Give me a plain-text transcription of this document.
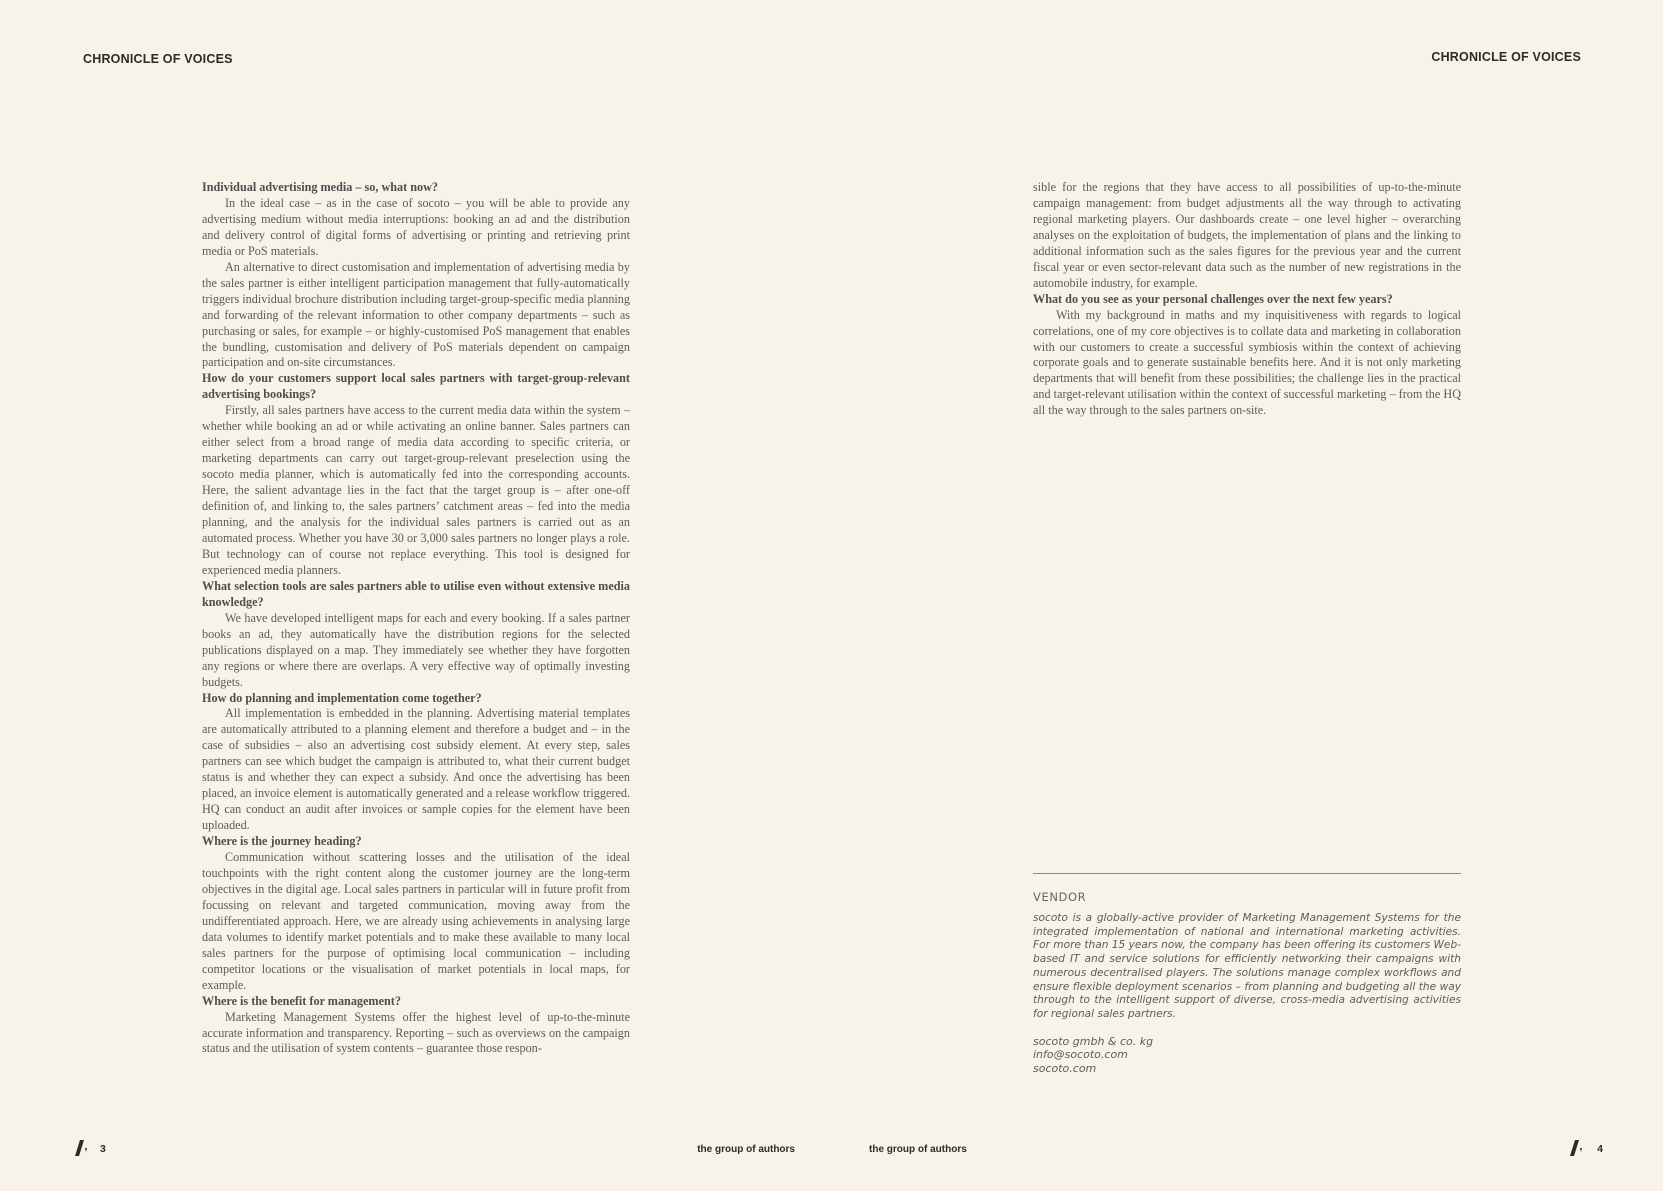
CHRONICLE OF VOICES
Individual advertising media – so, what now?

In the ideal case – as in the case of socoto – you will be able to provide any advertising medium without media interruptions: booking an ad and the distribution and delivery control of digital forms of advertising or printing and retrieving print media or PoS materials.

An alternative to direct customisation and implementation of advertising media by the sales partner is either intelligent participation management that fully-automatically triggers individual brochure distribution including target-group-specific media planning and forwarding of the relevant information to other company departments – such as purchasing or sales, for example – or highly-customised PoS management that enables the bundling, customisation and delivery of PoS materials dependent on campaign participation and on-site circumstances.

How do your customers support local sales partners with target-group-relevant advertising bookings?

Firstly, all sales partners have access to the current media data within the system – whether while booking an ad or while activating an online banner. Sales partners can either select from a broad range of media data according to specific criteria, or marketing departments can carry out target-group-relevant preselection using the socoto media planner, which is automatically fed into the corresponding accounts. Here, the salient advantage lies in the fact that the target group is – after one-off definition of, and linking to, the sales partners’ catchment areas – fed into the media planning, and the analysis for the individual sales partners is carried out as an automated process. Whether you have 30 or 3,000 sales partners no longer plays a role. But technology can of course not replace everything. This tool is designed for experienced media planners.

What selection tools are sales partners able to utilise even without extensive media knowledge?

We have developed intelligent maps for each and every booking. If a sales partner books an ad, they automatically have the distribution regions for the selected publications displayed on a map. They immediately see whether they have forgotten any regions or where there are overlaps. A very effective way of optimally investing budgets.

How do planning and implementation come together?

All implementation is embedded in the planning. Advertising material templates are automatically attributed to a planning element and therefore a budget and – in the case of subsidies – also an advertising cost subsidy element. At every step, sales partners can see which budget the campaign is attributed to, what their current budget status is and whether they can expect a subsidy. And once the advertising has been placed, an invoice element is automatically generated and a release workflow triggered. HQ can conduct an audit after invoices or sample copies for the element have been uploaded.

Where is the journey heading?

Communication without scattering losses and the utilisation of the ideal touchpoints with the right content along the customer journey are the long-term objectives in the digital age. Local sales partners in particular will in future profit from focussing on relevant and targeted communication, moving away from the undifferentiated approach. Here, we are already using achievements in analysing large data volumes to identify market potentials and to make these available to many local sales partners for the purpose of optimising local communication – including competitor locations or the visualisation of market potentials in local maps, for example.

Where is the benefit for management?

Marketing Management Systems offer the highest level of up-to-the-minute accurate information and transparency. Reporting – such as overviews on the campaign status and the utilisation of system contents – guarantee those respon-

3	the group of authors
CHRONICLE OF VOICES

sible for the regions that they have access to all possibilities of up-to-the-minute campaign management: from budget adjustments all the way through to activating regional marketing players. Our dashboards create – one level higher – overarching analyses on the exploitation of budgets, the implementation of plans and the linking to additional information such as the sales figures for the previous year and the current fiscal year or even sector-relevant data such as the number of new registrations in the automobile industry, for example.

What do you see as your personal challenges over the next few years?

With my background in maths and my inquisitiveness with regards to logical correlations, one of my core objectives is to collate data and marketing in collaboration with our customers to create a successful symbiosis within the context of achieving corporate goals and to generate sustainable benefits here. And it is not only marketing departments that will benefit from these possibilities; the challenge lies in the practical and target-relevant utilisation within the context of successful marketing – from the HQ all the way through to the sales partners on-site.

VENDOR

socoto is a globally-active provider of Marketing Management Systems for the integrated implementation of national and international marketing activities. For more than 15 years now, the company has been offering its customers Web-based IT and service solutions for efficiently networking their campaigns with numerous decentralised players. The solutions manage complex workflows and ensure flexible deployment scenarios – from planning and budgeting all the way through to the intelligent support of diverse, cross-media advertising activities for regional sales partners.

socoto gmbh & co. kg
info@socoto.com
socoto.com
the group of authors	4
